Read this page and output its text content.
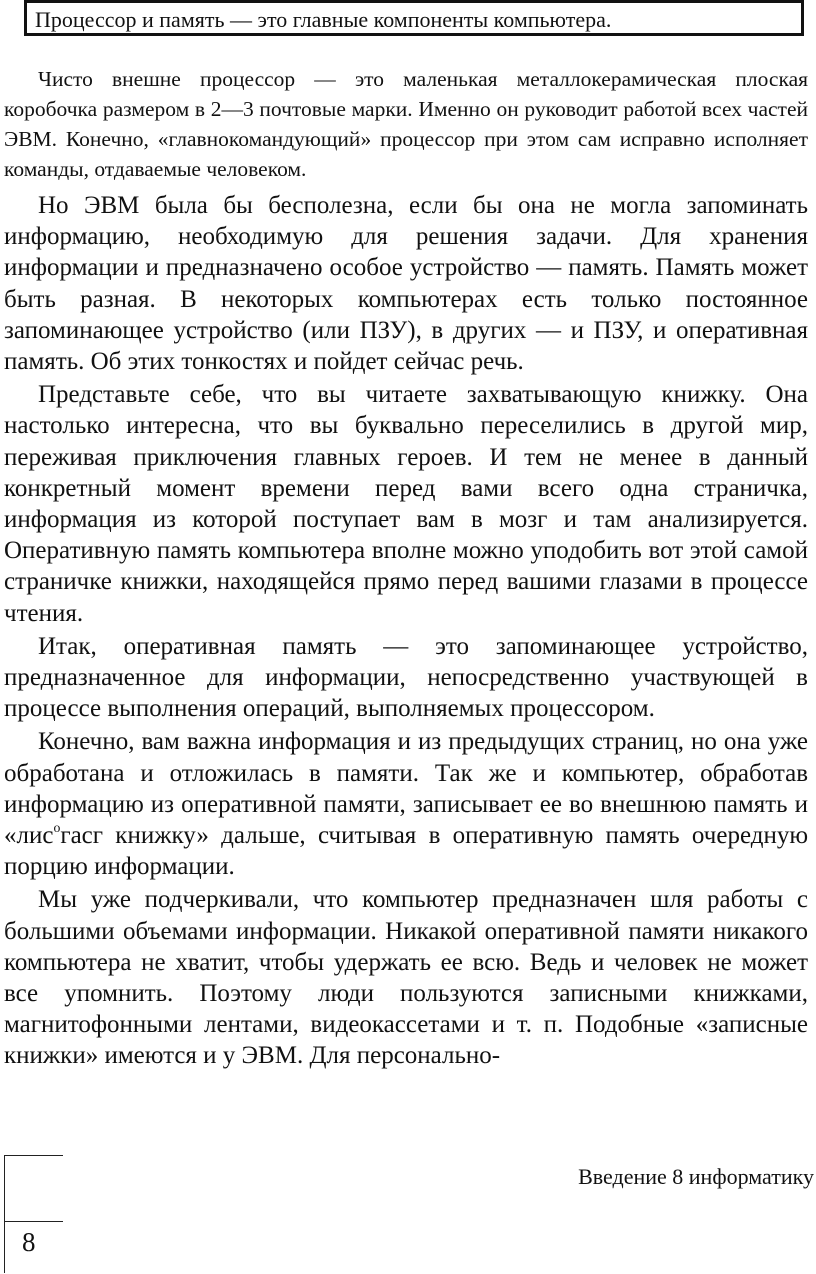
Процессор и память — это главные компоненты компьютера.

Чисто внешне процессор — это маленькая металлокерамическая плоская коробочка размером в 2—3 почтовые марки. Именно он руководит работой всех частей ЭВМ. Конечно, «главнокомандующий» процессор при этом сам исправно исполняет команды, отдаваемые человеком.

Но ЭВМ была бы бесполезна, если бы она не могла запоминать информацию, необходимую для решения задачи. Для хранения информации и предназначено особое устройство — память. Память может быть разная. В некоторых компьютерах есть только постоянное запоминающее устройство (или ПЗУ), в других — и ПЗУ, и оперативная память. Об этих тонкостях и пойдет сейчас речь.

Представьте себе, что вы читаете захватывающую книжку. Она настолько интересна, что вы буквально переселились в другой мир, переживая приключения главных героев. И тем не менее в данный конкретный момент времени перед вами всего одна страничка, информация из которой поступает вам в мозг и там анализируется. Оперативную память компьютера вполне можно уподобить вот этой самой страничке книжки, находящейся прямо перед вашими глазами в процессе чтения.

Итак, оперативная память — это запоминающее устройство, предназначенное для информации, непосредственно участвующей в процессе выполнения операций, выполняемых процессором.

Конечно, вам важна информация и из предыдущих страниц, но она уже обработана и отложилась в памяти. Так же и компьютер, обработав информацию из оперативной памяти, записывает ее во внешнюю память и «лис$^о$гасг книжку» дальше, считывая в оперативную память очередную порцию информации.

Мы уже подчеркивали, что компьютер предназначен шля работы с большими объемами информации. Никакой оперативной памяти никакого компьютера не хватит, чтобы удержать ее всю. Ведь и человек не может все упомнить. Поэтому люди пользуются записными книжками, магнитофонными лентами, видеокассетами и т. п. Подобные «записные книжки» имеются и у ЭВМ. Для персонально-

8
Введение 8 информатику
